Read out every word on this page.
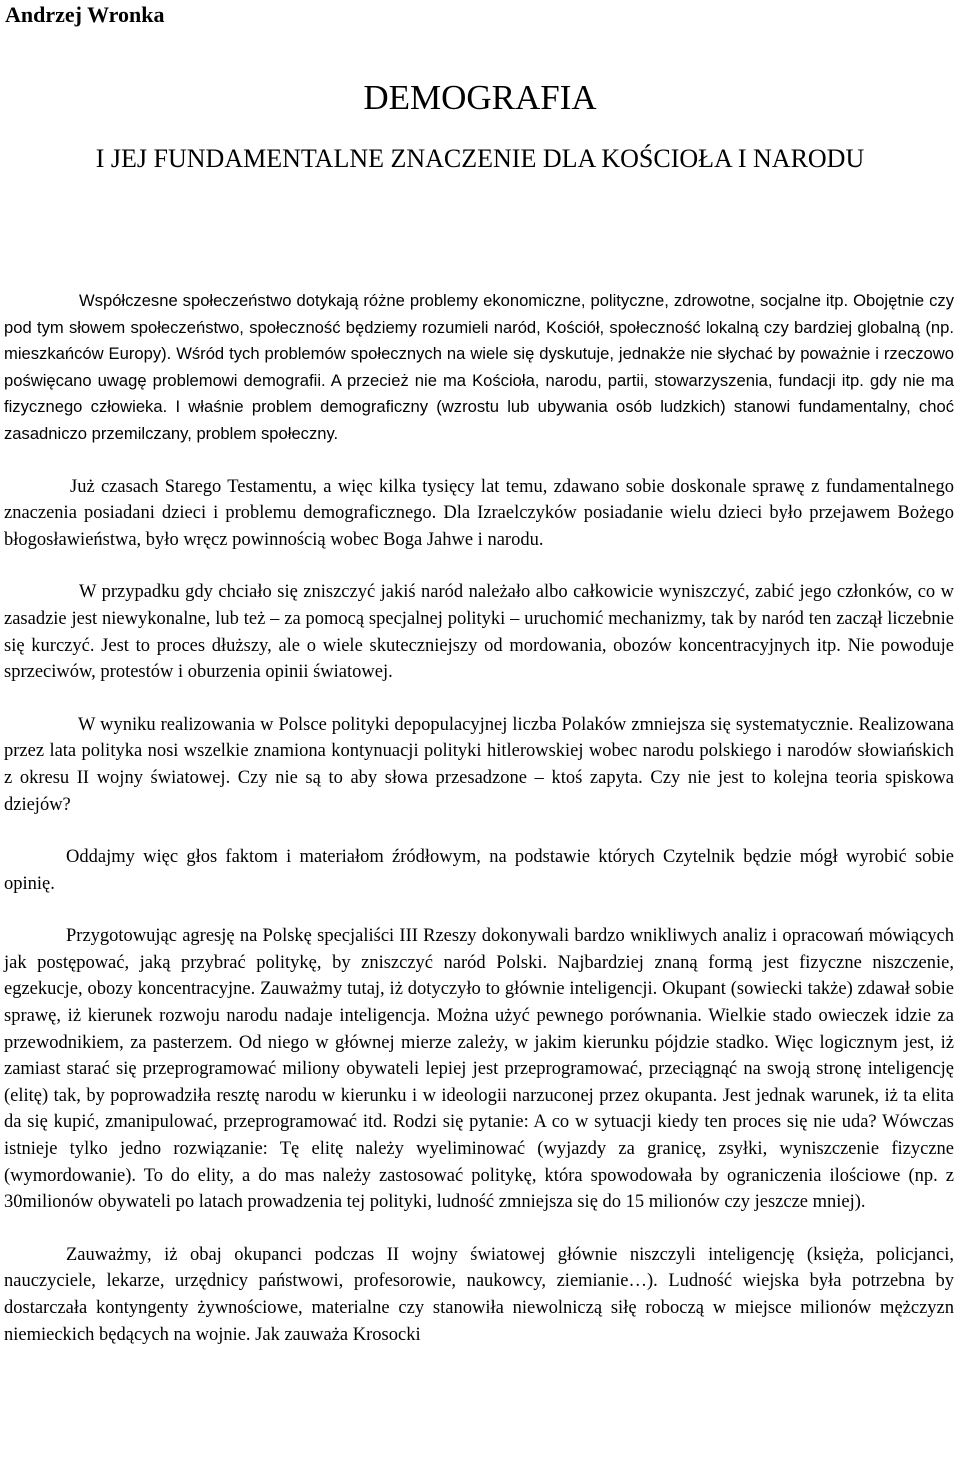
Andrzej Wronka

DEMOGRAFIA
I JEJ FUNDAMENTALNE ZNACZENIE DLA KOŚCIOŁA I NARODU

Współczesne społeczeństwo dotykają różne problemy ekonomiczne, polityczne, zdrowotne, socjalne itp. Obojętnie czy pod tym słowem społeczeństwo, społeczność będziemy rozumieli naród, Kościół, społeczność lokalną czy bardziej globalną (np. mieszkańców Europy). Wśród tych problemów społecznych na wiele się dyskutuje, jednakże nie słychać by poważnie i rzeczowo poświęcano uwagę problemowi demografii. A przecież nie ma Kościoła, narodu, partii, stowarzyszenia, fundacji itp. gdy nie ma fizycznego człowieka. I właśnie problem demograficzny (wzrostu lub ubywania osób ludzkich) stanowi fundamentalny, choć zasadniczo przemilczany, problem społeczny.

Już czasach Starego Testamentu, a więc kilka tysięcy lat temu, zdawano sobie doskonale sprawę z fundamentalnego znaczenia posiadani dzieci i problemu demograficznego. Dla Izraelczyków posiadanie wielu dzieci było przejawem Bożego błogosławieństwa, było wręcz powinnością wobec Boga Jahwe i narodu.

W przypadku gdy chciało się zniszczyć jakiś naród należało albo całkowicie wyniszczyć, zabić jego członków, co w zasadzie jest niewykonalne, lub też – za pomocą specjalnej polityki – uruchomić mechanizmy, tak by naród ten zaczął liczebnie się kurczyć. Jest to proces dłuższy, ale o wiele skuteczniejszy od mordowania, obozów koncentracyjnych itp. Nie powoduje sprzeciwów, protestów i oburzenia opinii światowej.

W wyniku realizowania w Polsce polityki depopulacyjnej liczba Polaków zmniejsza się systematycznie. Realizowana przez lata polityka nosi wszelkie znamiona kontynuacji polityki hitlerowskiej wobec narodu polskiego i narodów słowiańskich z okresu II wojny światowej. Czy nie są to aby słowa przesadzone – ktoś zapyta. Czy nie jest to kolejna teoria spiskowa dziejów?

Oddajmy więc głos faktom i materiałom źródłowym, na podstawie których Czytelnik będzie mógł wyrobić sobie opinię.

Przygotowując agresję na Polskę specjaliści III Rzeszy dokonywali bardzo wnikliwych analiz i opracowań mówiących jak postępować, jaką przybrać politykę, by zniszczyć naród Polski. Najbardziej znaną formą jest fizyczne niszczenie, egzekucje, obozy koncentracyjne. Zauważmy tutaj, iż dotyczyło to głównie inteligencji. Okupant (sowiecki także) zdawał sobie sprawę, iż kierunek rozwoju narodu nadaje inteligencja. Można użyć pewnego porównania. Wielkie stado owieczek idzie za przewodnikiem, za pasterzem. Od niego w głównej mierze zależy, w jakim kierunku pójdzie stadko. Więc logicznym jest, iż zamiast starać się przeprogramować miliony obywateli lepiej jest przeprogramować, przeciągnąć na swoją stronę inteligencję (elitę) tak, by poprowadziła resztę narodu w kierunku i w ideologii narzuconej przez okupanta. Jest jednak warunek, iż ta elita da się kupić, zmanipulować, przeprogramować itd. Rodzi się pytanie: A co w sytuacji kiedy ten proces się nie uda? Wówczas istnieje tylko jedno rozwiązanie: Tę elitę należy wyeliminować (wyjazdy za granicę, zsyłki, wyniszczenie fizyczne (wymordowanie). To do elity, a do mas należy zastosować politykę, która spowodowała by ograniczenia ilościowe (np. z 30milionów obywateli po latach prowadzenia tej polityki, ludność zmniejsza się do 15 milionów czy jeszcze mniej).

Zauważmy, iż obaj okupanci podczas II wojny światowej głównie niszczyli inteligencję (księża, policjanci, nauczyciele, lekarze, urzędnicy państwowi, profesorowie, naukowcy, ziemianie…). Ludność wiejska była potrzebna by dostarczała kontyngenty żywnościowe, materialne czy stanowiła niewolniczą siłę roboczą w miejsce milionów mężczyzn niemieckich będących na wojnie. Jak zauważa Krosocki
